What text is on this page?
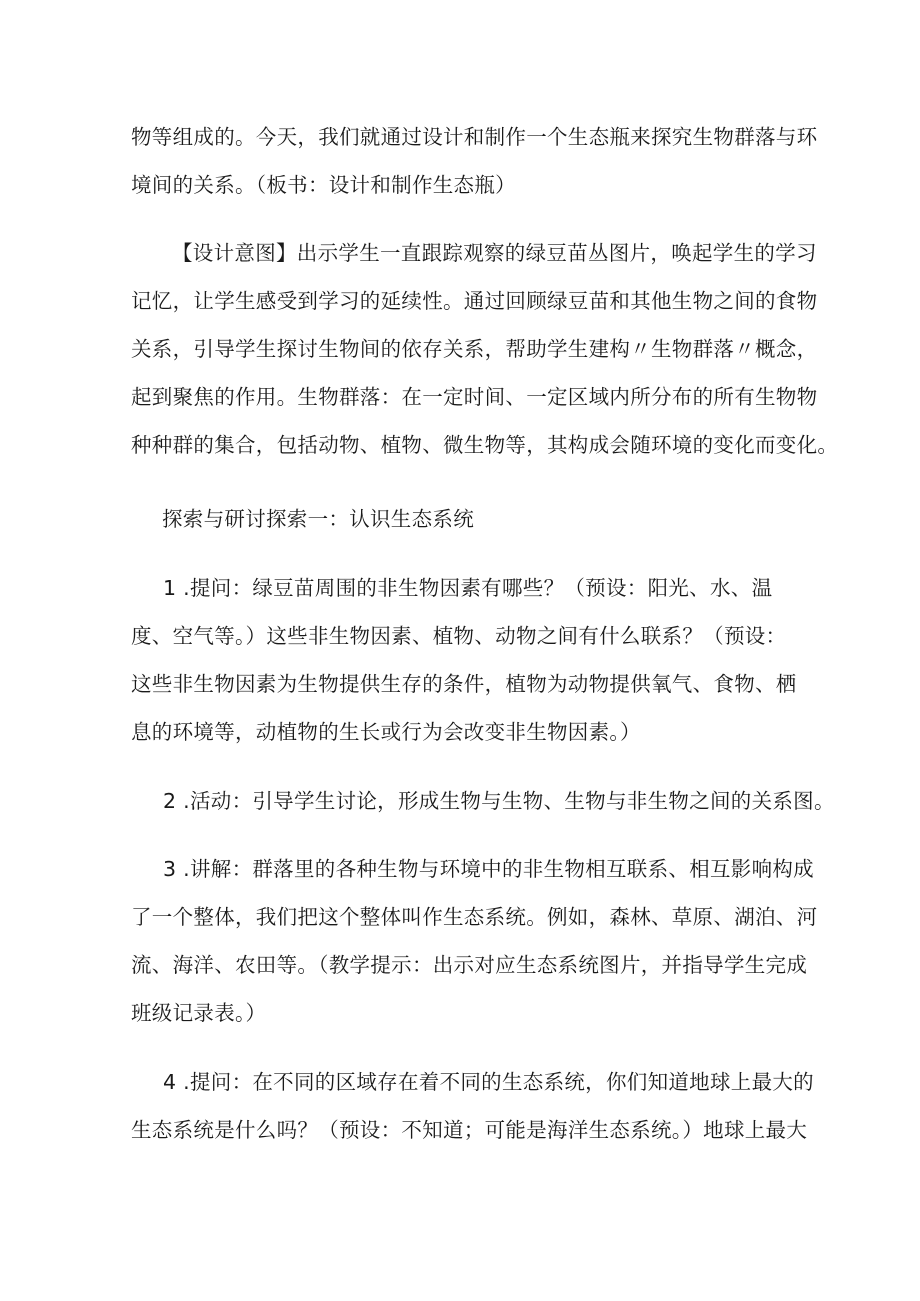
物等组成的。今天，我们就通过设计和制作一个生态瓶来探究生物群落与环
境间的关系。（板书：设计和制作生态瓶）
【设计意图】出示学生一直跟踪观察的绿豆苗丛图片，唤起学生的学习
记忆，让学生感受到学习的延续性。通过回顾绿豆苗和其他生物之间的食物
关系，引导学生探讨生物间的依存关系，帮助学生建构〃生物群落〃概念，
起到聚焦的作用。生物群落：在一定时间、一定区域内所分布的所有生物物
种种群的集合，包括动物、植物、微生物等，其构成会随环境的变化而变化。
探索与研讨探索一：认识生态系统
1 .提问：绿豆苗周围的非生物因素有哪些？（预设：阳光、水、温
度、空气等。）这些非生物因素、植物、动物之间有什么联系？（预设：
这些非生物因素为生物提供生存的条件，植物为动物提供氧气、食物、栖
息的环境等，动植物的生长或行为会改变非生物因素。）
2 .活动：引导学生讨论，形成生物与生物、生物与非生物之间的关系图。
3 .讲解：群落里的各种生物与环境中的非生物相互联系、相互影响构成
了一个整体，我们把这个整体叫作生态系统。例如，森林、草原、湖泊、河
流、海洋、农田等。（教学提示：出示对应生态系统图片，并指导学生完成
班级记录表。）
4 .提问：在不同的区域存在着不同的生态系统，你们知道地球上最大的
生态系统是什么吗？（预设：不知道；可能是海洋生态系统。）地球上最大
